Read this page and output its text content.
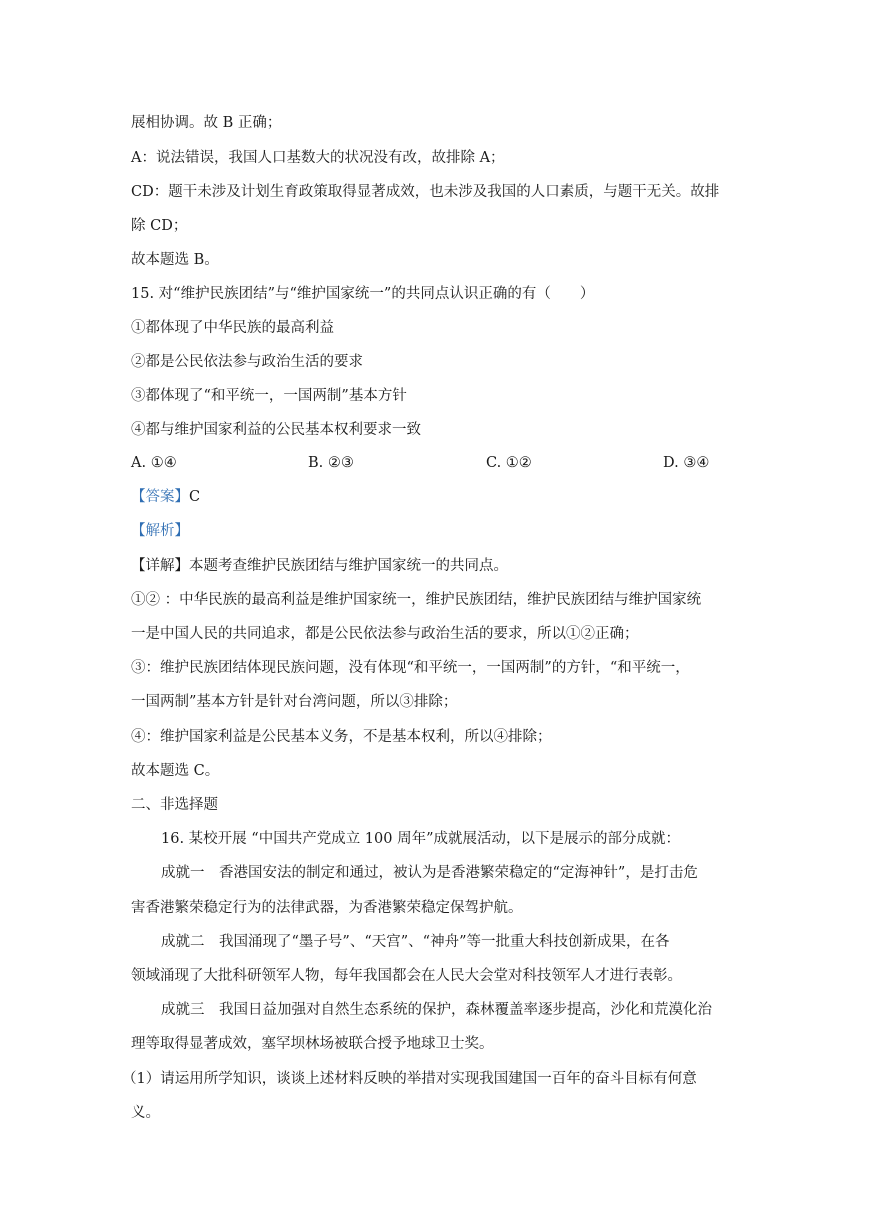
展相协调。故 B 正确；
A：说法错误，我国人口基数大的状况没有改，故排除 A；
CD：题干未涉及计划生育政策取得显著成效，也未涉及我国的人口素质，与题干无关。故排
除 CD；
故本题选 B。
15. 对“维护民族团结”与“维护国家统一”的共同点认识正确的有（　　）
①都体现了中华民族的最高利益
②都是公民依法参与政治生活的要求
③都体现了“和平统一，一国两制”基本方针
④都与维护国家利益的公民基本权利要求一致
A. ①④	B. ②③	C. ①②	D. ③④
【答案】C
【解析】
【详解】本题考查维护民族团结与维护国家统一的共同点。
①② ：中华民族的最高利益是维护国家统一，维护民族团结，维护民族团结与维护国家统
一是中国人民的共同追求，都是公民依法参与政治生活的要求，所以①②正确；
③：维护民族团结体现民族问题，没有体现“和平统一，一国两制”的方针，“和平统一，
一国两制”基本方针是针对台湾问题，所以③排除；
④：维护国家利益是公民基本义务，不是基本权利，所以④排除；
故本题选 C。
二、非选择题
16. 某校开展 “中国共产党成立 100 周年”成就展活动，以下是展示的部分成就：
成就一　香港国安法的制定和通过，被认为是香港繁荣稳定的“定海神针”，是打击危
害香港繁荣稳定行为的法律武器，为香港繁荣稳定保驾护航。
成就二　我国涌现了“墨子号”、“天宫”、“神舟”等一批重大科技创新成果，在各
领域涌现了大批科研领军人物，每年我国都会在人民大会堂对科技领军人才进行表彰。
成就三　我国日益加强对自然生态系统的保护，森林覆盖率逐步提高，沙化和荒漠化治
理等取得显著成效，塞罕坝林场被联合授予地球卫士奖。
（1）请运用所学知识，谈谈上述材料反映的举措对实现我国建国一百年的奋斗目标有何意
义。
